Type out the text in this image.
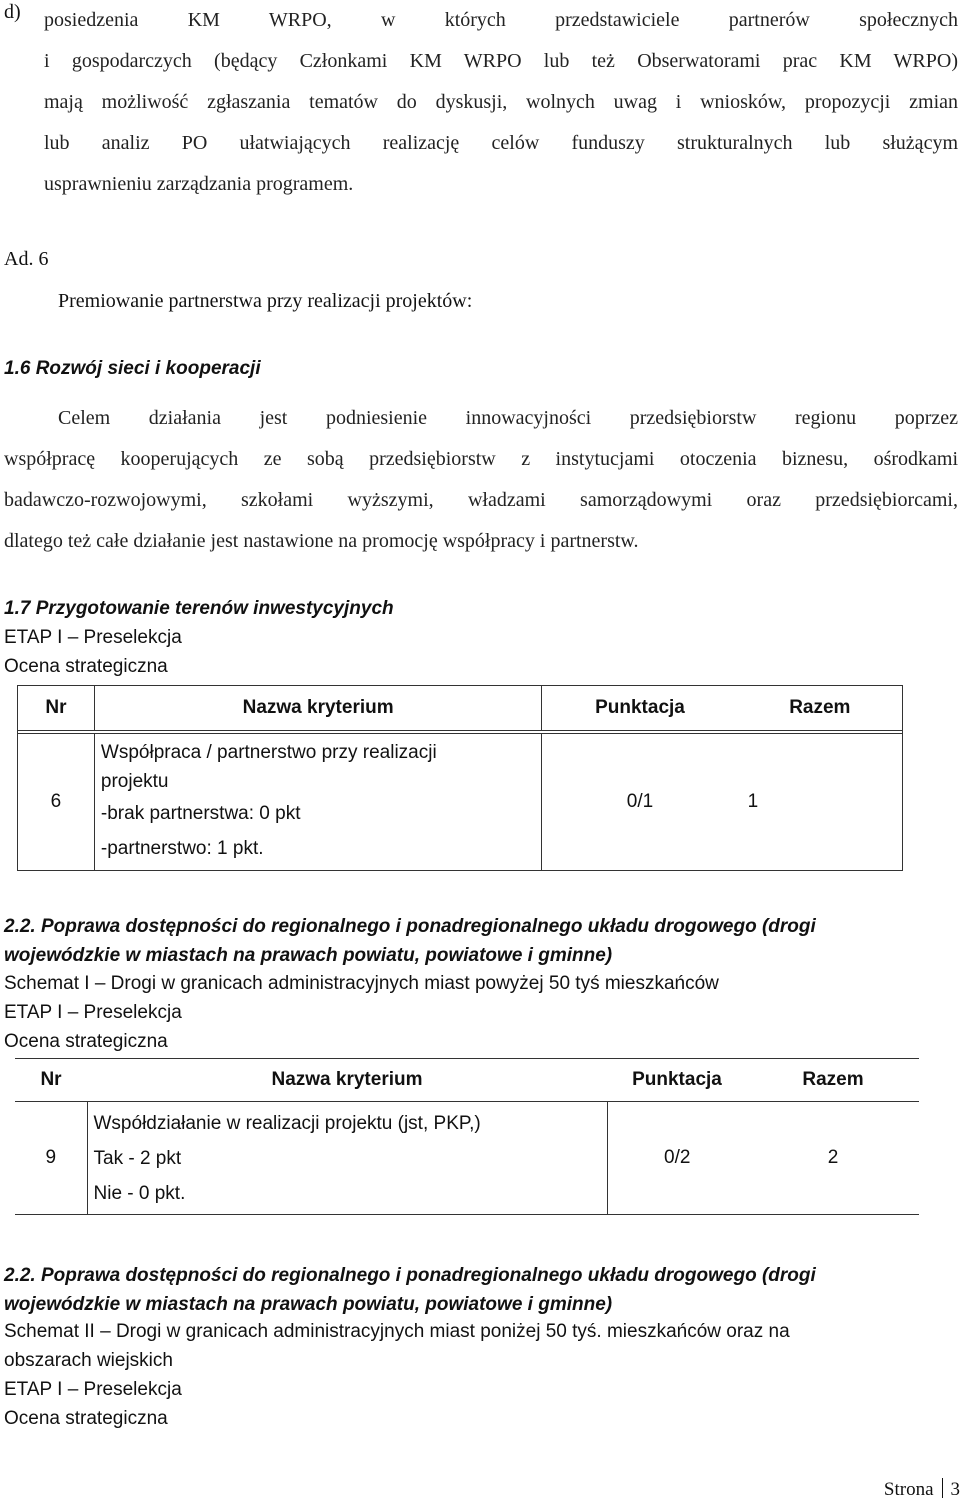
d) posiedzenia KM WRPO, w których przedstawiciele partnerów społecznych
i gospodarczych (będący Członkami KM WRPO lub też Obserwatorami prac KM WRPO)
mają możliwość zgłaszania tematów do dyskusji, wolnych uwag i wniosków, propozycji zmian
lub analiz PO ułatwiających realizację celów funduszy strukturalnych lub służącym
usprawnieniu zarządzania programem.
Ad. 6
Premiowanie partnerstwa przy realizacji projektów:
1.6 Rozwój sieci i kooperacji
Celem działania jest podniesienie innowacyjności przedsiębiorstw regionu poprzez
współpracę kooperujących ze sobą przedsiębiorstw z instytucjami otoczenia biznesu, ośrodkami
badawczo-rozwojowymi, szkołami wyższymi, władzami samorządowymi oraz przedsiębiorcami,
dlatego też całe działanie jest nastawione na promocję współpracy i partnerstw.
1.7 Przygotowanie terenów inwestycyjnych
ETAP I – Preselekcja
Ocena strategiczna
Nr	Nazwa kryterium	Punktacja	Razem

6	Współpraca / partnerstwo przy realizacji
projektu
-brak partnerstwa: 0 pkt
-partnerstwo: 1 pkt.	0/1	1
2.2. Poprawa dostępności do regionalnego i ponadregionalnego układu drogowego (drogi
wojewódzkie w miastach na prawach powiatu, powiatowe i gminne)
Schemat I – Drogi w granicach administracyjnych miast powyżej 50 tyś mieszkańców
ETAP I – Preselekcja
Ocena strategiczna
Nr	Nazwa kryterium	Punktacja	Razem
9	Współdziałanie w realizacji projektu (jst, PKP,)
Tak - 2 pkt
Nie - 0 pkt.	0/2	2
2.2. Poprawa dostępności do regionalnego i ponadregionalnego układu drogowego (drogi
wojewódzkie w miastach na prawach powiatu, powiatowe i gminne)
Schemat II – Drogi w granicach administracyjnych miast poniżej 50 tyś. mieszkańców oraz na
obszarach wiejskich
ETAP I – Preselekcja
Ocena strategiczna
Strona 3
